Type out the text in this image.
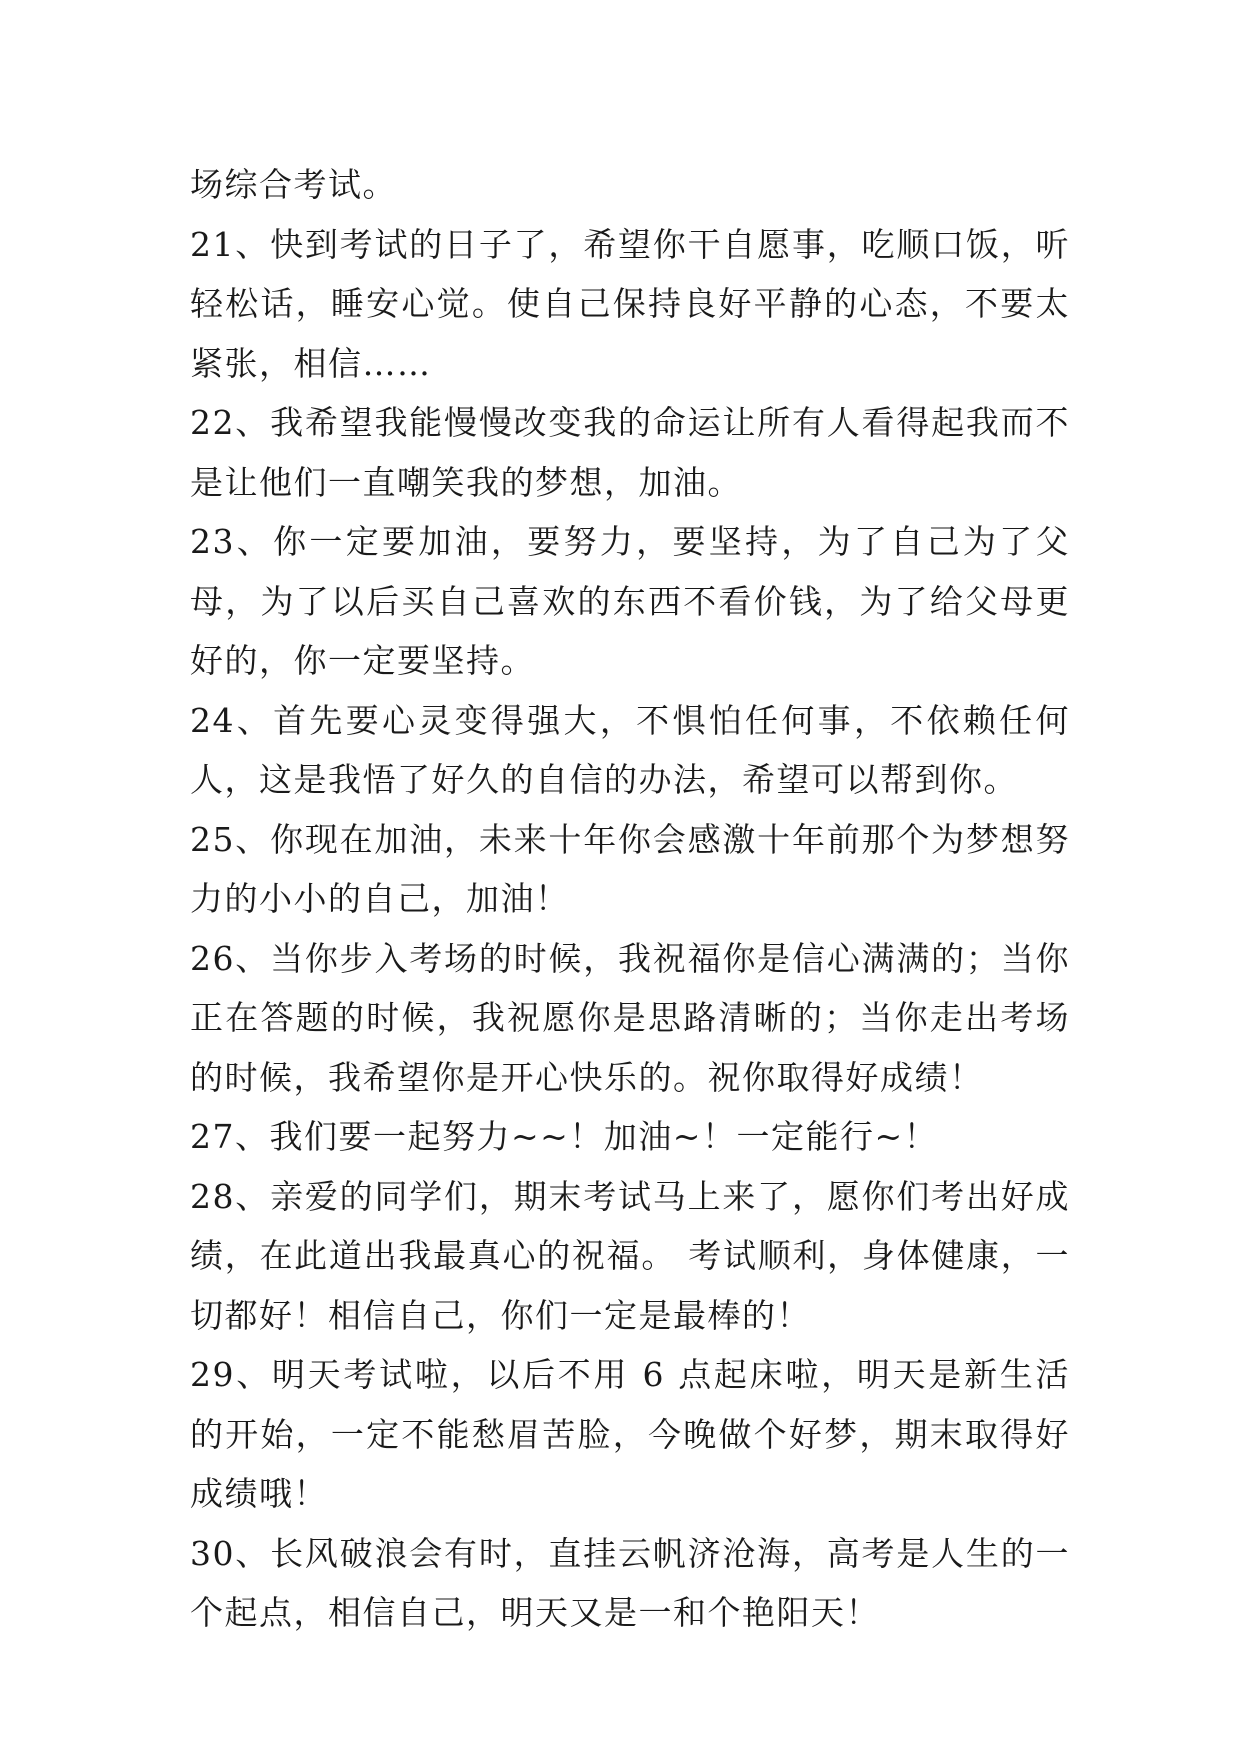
场综合考试。

21、快到考试的日子了，希望你干自愿事，吃顺口饭，听轻松话，睡安心觉。使自己保持良好平静的心态，不要太紧张，相信……

22、我希望我能慢慢改变我的命运让所有人看得起我而不是让他们一直嘲笑我的梦想，加油。

23、你一定要加油，要努力，要坚持，为了自己为了父母，为了以后买自己喜欢的东西不看价钱，为了给父母更好的，你一定要坚持。

24、首先要心灵变得强大，不惧怕任何事，不依赖任何人，这是我悟了好久的自信的办法，希望可以帮到你。

25、你现在加油，未来十年你会感激十年前那个为梦想努力的小小的自己，加油！

26、当你步入考场的时候，我祝福你是信心满满的；当你正在答题的时候，我祝愿你是思路清晰的；当你走出考场的时候，我希望你是开心快乐的。祝你取得好成绩！

27、我们要一起努力~~！加油~！一定能行~！

28、亲爱的同学们，期末考试马上来了，愿你们考出好成绩，在此道出我最真心的祝福。 考试顺利，身体健康，一切都好！相信自己，你们一定是最棒的！

29、明天考试啦，以后不用 6 点起床啦，明天是新生活的开始，一定不能愁眉苦脸，今晚做个好梦，期末取得好成绩哦！

30、长风破浪会有时，直挂云帆济沧海，高考是人生的一个起点，相信自己，明天又是一和个艳阳天！
